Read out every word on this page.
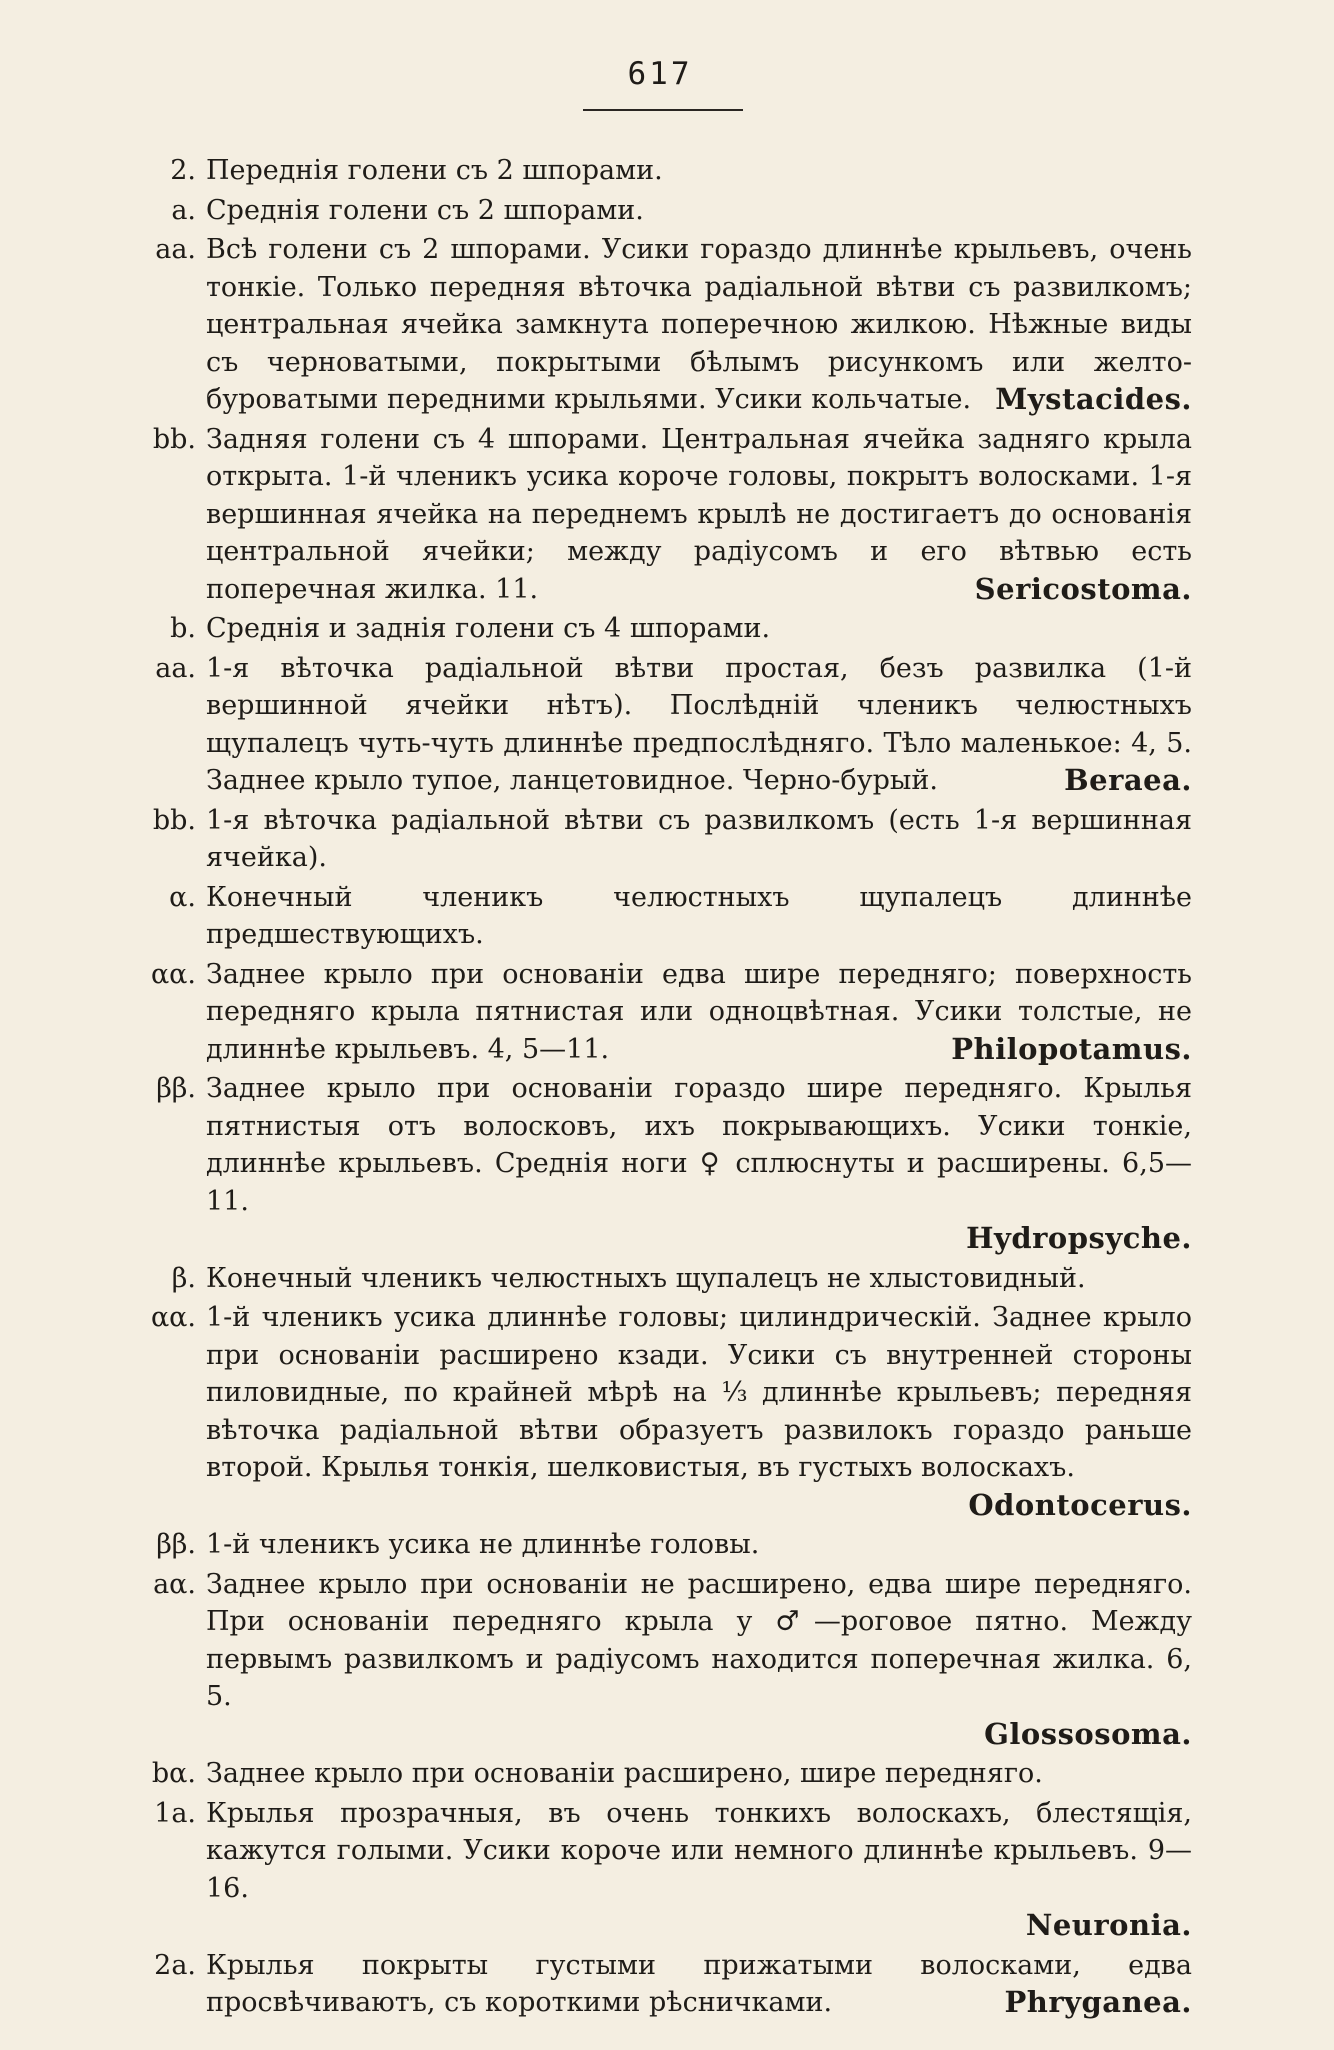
617
2. Переднія голени съ 2 шпорами.
a. Среднія голени съ 2 шпорами.
aa. Всѣ голени съ 2 шпорами. Усики гораздо длиннѣе крыльевъ, очень тонкіе. Только передняя вѣточка радіальной вѣтви съ развилкомъ; центральная ячейка замкнута поперечною жилкою. Нѣжные виды съ черноватыми, покрытыми бѣлымъ рисункомъ или желто-буроватыми передними крыльями. Усики кольчатые. Mystacides.
bb. Задняя голени съ 4 шпорами. Центральная ячейка задняго крыла открыта. 1-й членикъ усика короче головы, покрытъ волосками. 1-я вершинная ячейка на переднемъ крылѣ не достигаетъ до основанія центральной ячейки; между радіусомъ и его вѣтвью есть поперечная жилка. 11.	Sericostoma.
b. Среднія и заднія голени съ 4 шпорами.
aa. 1-я вѣточка радіальной вѣтви простая, безъ развилка (1-й вершинной ячейки нѣтъ). Послѣдній членикъ челюстныхъ щупалецъ чуть-чуть длиннѣе предпослѣдняго. Тѣло маленькое: 4, 5. Заднее крыло тупое, ланцетовидное. Черно-бурый.	Beraea.
bb. 1-я вѣточка радіальной вѣтви съ развилкомъ (есть 1-я вершинная ячейка).
α. Конечный членикъ челюстныхъ щупалецъ длиннѣе предшествующихъ.
αα. Заднее крыло при основаніи едва шире передняго; поверхность передняго крыла пятнистая или одноцвѣтная. Усики толстые, не длиннѣе крыльевъ. 4, 5—11.	Philopotamus.
ββ. Заднее крыло при основаніи гораздо шире передняго. Крылья пятнистыя отъ волосковъ, ихъ покрывающихъ. Усики тонкіе, длиннѣе крыльевъ. Среднія ноги ♀ сплюснуты и расширены. 6,5—11.
Hydropsyche.
β. Конечный членикъ челюстныхъ щупалецъ не хлыстовидный.
αα. 1-й членикъ усика длиннѣе головы; цилиндрическій. Заднее крыло при основаніи расширено кзади. Усики съ внутренней стороны пиловидные, по крайней мѣрѣ на ⅓ длиннѣе крыльевъ; передняя вѣточка радіальной вѣтви образуетъ развилокъ гораздо раньше второй. Крылья тонкія, шелковистыя, въ густыхъ волоскахъ.
Odontocerus.
ββ. 1-й членикъ усика не длиннѣе головы.
aα. Заднее крыло при основаніи не расширено, едва шире передняго. При основаніи передняго крыла у ♂—роговое пятно. Между первымъ развилкомъ и радіусомъ находится поперечная жилка. 6, 5.
Glossosoma.
bα. Заднее крыло при основаніи расширено, шире передняго.
1a. Крылья прозрачныя, въ очень тонкихъ волоскахъ, блестящія, кажутся голыми. Усики короче или немного длиннѣе крыльевъ. 9—16.
Neuronia.
2a. Крылья покрыты густыми прижатыми волосками, едва просвѣчиваютъ, съ короткими рѣсничками.	Phryganea.
